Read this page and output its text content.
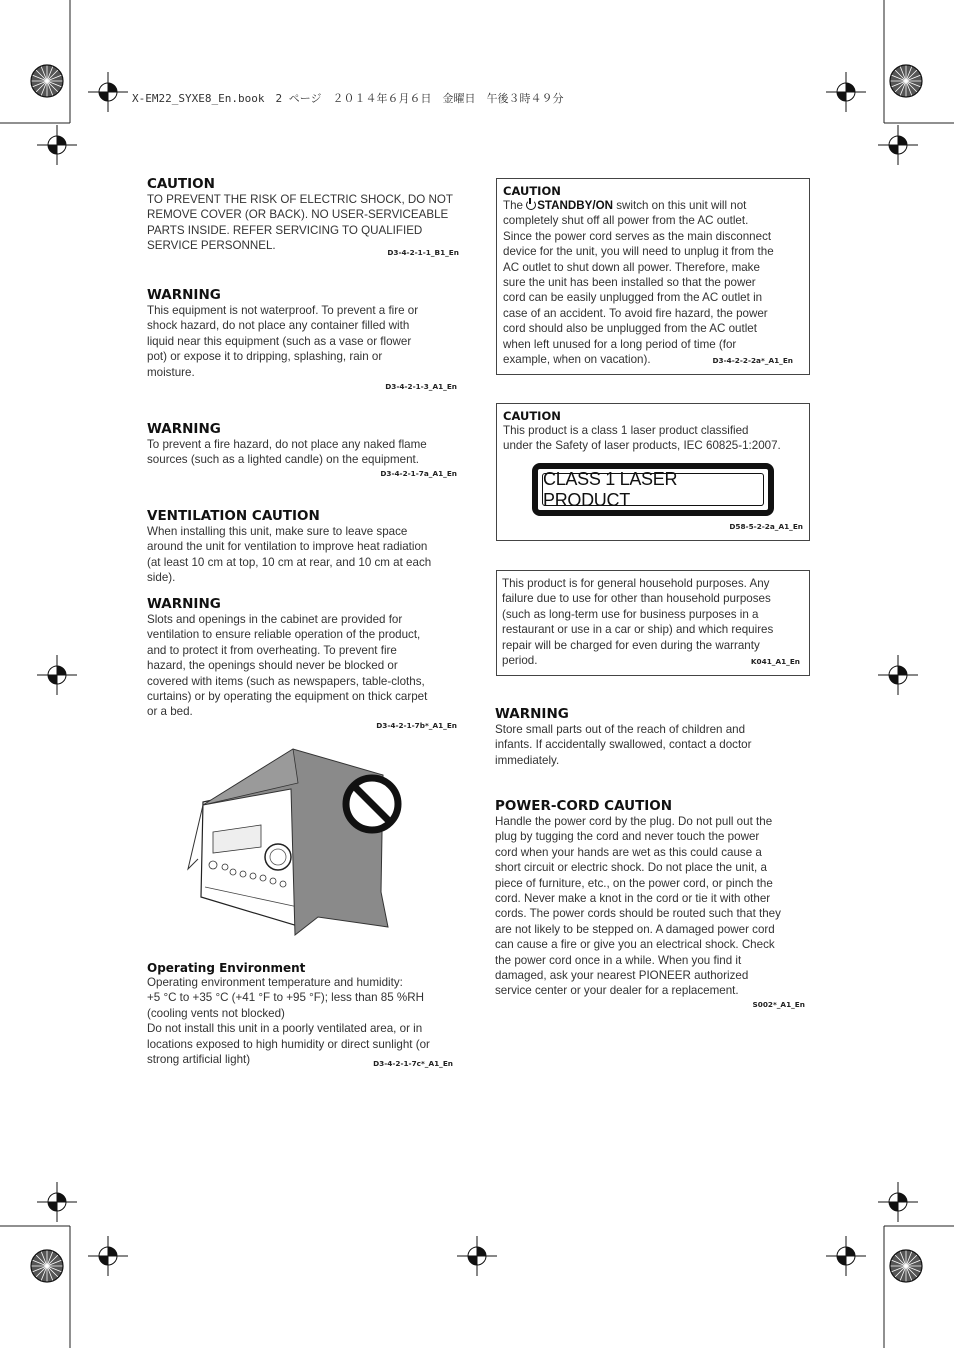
X-EM22_SYXE8_En.book　2 ページ　２０１４年６月６日　金曜日　午後３時４９分
CAUTION

TO PREVENT THE RISK OF ELECTRIC SHOCK, DO NOT
REMOVE COVER (OR BACK). NO USER-SERVICEABLE
PARTS INSIDE. REFER SERVICING TO QUALIFIED
SERVICE PERSONNEL.	D3-4-2-1-1_B1_En
WARNING

This equipment is not waterproof. To prevent a fire or
shock hazard, do not place any container filled with
liquid near this equipment (such as a vase or flower
pot) or expose it to dripping, splashing, rain or
moisture.

D3-4-2-1-3_A1_En
WARNING

To prevent a fire hazard, do not place any naked flame
sources (such as a lighted candle) on the equipment.

D3-4-2-1-7a_A1_En
VENTILATION CAUTION

When installing this unit, make sure to leave space
around the unit for ventilation to improve heat radiation
(at least 10 cm at top, 10 cm at rear, and 10 cm at each
side).

WARNING

Slots and openings in the cabinet are provided for
ventilation to ensure reliable operation of the product,
and to protect it from overheating. To prevent fire
hazard, the openings should never be blocked or
covered with items (such as newspapers, table-cloths,
curtains) or by operating the equipment on thick carpet
or a bed.

D3-4-2-1-7b*_A1_En
Operating Environment

Operating environment temperature and humidity:
+5 °C to +35 °C (+41 °F to +95 °F); less than 85 %RH
(cooling vents not blocked)
Do not install this unit in a poorly ventilated area, or in
locations exposed to high humidity or direct sunlight (or
strong artificial light)	D3-4-2-1-7c*_A1_En
CAUTION

The
STANDBY/ON switch on this unit will not
completely shut off all power from the AC outlet.
Since the power cord serves as the main disconnect
device for the unit, you will need to unplug it from the
AC outlet to shut down all power. Therefore, make
sure the unit has been installed so that the power
cord can be easily unplugged from the AC outlet in
case of an accident. To avoid fire hazard, the power
cord should also be unplugged from the AC outlet
when left unused for a long period of time (for
example, when on vacation).	D3-4-2-2-2a*_A1_En
CAUTION

This product is a class 1 laser product classified
under the Safety of laser products, IEC 60825-1:2007.

CLASS 1 LASER PRODUCT
D58-5-2-2a_A1_En

This product is for general household purposes. Any
failure due to use for other than household purposes
(such as long-term use for business purposes in a
restaurant or use in a car or ship) and which requires
repair will be charged for even during the warranty
period.	K041_A1_En
WARNING

Store small parts out of the reach of children and
infants. If accidentally swallowed, contact a doctor
immediately.

POWER-CORD CAUTION

Handle the power cord by the plug. Do not pull out the
plug by tugging the cord and never touch the power
cord when your hands are wet as this could cause a
short circuit or electric shock. Do not place the unit, a
piece of furniture, etc., on the power cord, or pinch the
cord. Never make a knot in the cord or tie it with other
cords. The power cords should be routed such that they
are not likely to be stepped on. A damaged power cord
can cause a fire or give you an electrical shock. Check
the power cord once in a while. When you find it
damaged, ask your nearest PIONEER authorized
service center or your dealer for a replacement.

S002*_A1_En
